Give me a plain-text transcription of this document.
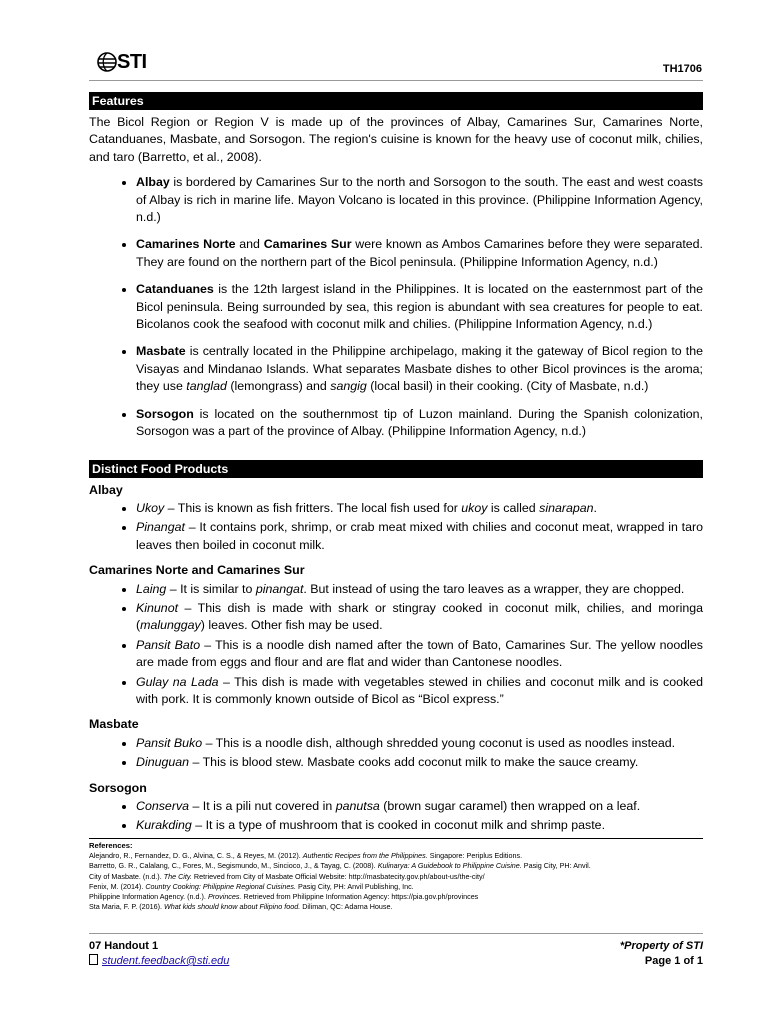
STI	TH1706
Features

The Bicol Region or Region V is made up of the provinces of Albay, Camarines Sur, Camarines Norte, Catanduanes, Masbate, and Sorsogon. The region's cuisine is known for the heavy use of coconut milk, chilies, and taro (Barretto, et al., 2008).

• Albay is bordered by Camarines Sur to the north and Sorsogon to the south. The east and west coasts of Albay is rich in marine life. Mayon Volcano is located in this province. (Philippine Information Agency, n.d.)
• Camarines Norte and Camarines Sur were known as Ambos Camarines before they were separated. They are found on the northern part of the Bicol peninsula. (Philippine Information Agency, n.d.)
• Catanduanes is the 12th largest island in the Philippines. It is located on the easternmost part of the Bicol peninsula. Being surrounded by sea, this region is abundant with sea creatures for people to eat. Bicolanos cook the seafood with coconut milk and chilies. (Philippine Information Agency, n.d.)
• Masbate is centrally located in the Philippine archipelago, making it the gateway of Bicol region to the Visayas and Mindanao Islands. What separates Masbate dishes to other Bicol provinces is the aroma; they use tanglad (lemongrass) and sangig (local basil) in their cooking. (City of Masbate, n.d.)
• Sorsogon is located on the southernmost tip of Luzon mainland. During the Spanish colonization, Sorsogon was a part of the province of Albay. (Philippine Information Agency, n.d.)
Distinct Food Products
Albay
• Ukoy – This is known as fish fritters. The local fish used for ukoy is called sinarapan.
• Pinangat – It contains pork, shrimp, or crab meat mixed with chilies and coconut meat, wrapped in taro leaves then boiled in coconut milk.
Camarines Norte and Camarines Sur
• Laing – It is similar to pinangat. But instead of using the taro leaves as a wrapper, they are chopped.
• Kinunot – This dish is made with shark or stingray cooked in coconut milk, chilies, and moringa (malunggay) leaves. Other fish may be used.
• Pansit Bato – This is a noodle dish named after the town of Bato, Camarines Sur. The yellow noodles are made from eggs and flour and are flat and wider than Cantonese noodles.
• Gulay na Lada – This dish is made with vegetables stewed in chilies and coconut milk and is cooked with pork. It is commonly known outside of Bicol as “Bicol express.”
Masbate
• Pansit Buko – This is a noodle dish, although shredded young coconut is used as noodles instead.
• Dinuguan – This is blood stew. Masbate cooks add coconut milk to make the sauce creamy.
Sorsogon
• Conserva – It is a pili nut covered in panutsa (brown sugar caramel) then wrapped on a leaf.
• Kurakding – It is a type of mushroom that is cooked in coconut milk and shrimp paste.
References:
Alejandro, R., Fernandez, D. G., Alvina, C. S., & Reyes, M. (2012). Authentic Recipes from the Philippines. Singapore: Periplus Editions.
Barretto, G. R., Calalang, C., Fores, M., Segismundo, M., Sincioco, J., & Tayag, C. (2008). Kulinarya: A Guidebook to Philippine Cuisine. Pasig City, PH: Anvil.
City of Masbate. (n.d.). The City. Retrieved from City of Masbate Official Website: http://masbatecity.gov.ph/about-us/the-city/
Fenix, M. (2014). Country Cooking: Philippine Regional Cuisines. Pasig City, PH: Anvil Publishing, Inc.
Philippine Information Agency. (n.d.). Provinces. Retrieved from Philippine Information Agency: https://pia.gov.ph/provinces
Sta Maria, F. P. (2016). What kids should know about Filipino food. Diliman, QC: Adarna House.
07 Handout 1
student.feedback@sti.edu
*Property of STI
Page 1 of 1
